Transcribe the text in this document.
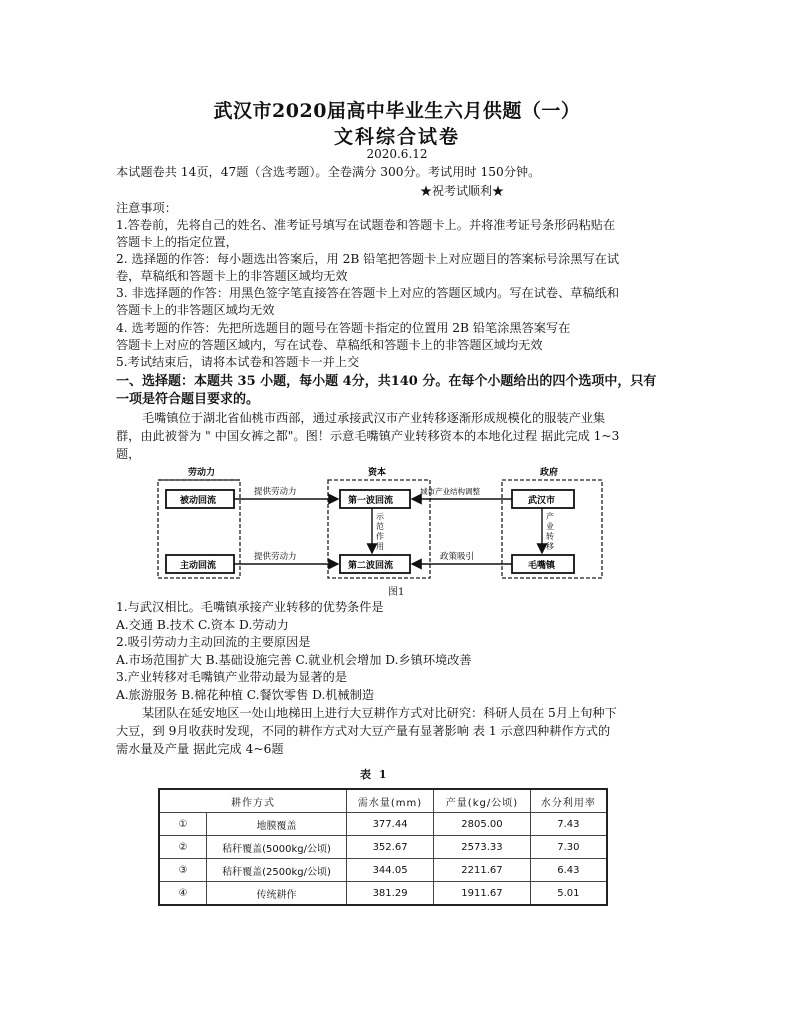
武汉市2020届高中毕业生六月供题（一）
文科综合试卷
2020.6.12
本试题卷共 14页，47题（含选考题）。全卷满分 300分。考试用时 150分钟。
★祝考试顺利★
注意事项：
1.答卷前，先将自己的姓名、准考证号填写在试题卷和答题卡上。并将准考证号条形码粘贴在
答题卡上的指定位置，
2. 选择题的作答：每小题选出答案后，用 2B 铅笔把答题卡上对应题目的答案标号涂黑写在试
卷，草稿纸和答题卡上的非答题区域均无效
3. 非选择题的作答：用黑色签字笔直接答在答题卡上对应的答题区域内。写在试卷、草稿纸和
答题卡上的非答题区域均无效
4. 选考题的作答：先把所选题目的题号在答题卡指定的位置用 2B 铅笔涂黑答案写在
答题卡上对应的答题区域内，写在试卷、草稿纸和答题卡上的非答题区域均无效
5.考试结束后，请将本试卷和答题卡一并上交
一、选择题：本题共 35 小题，每小题 4分，共140 分。在每个小题给出的四个选项中，只有
一项是符合题目要求的。
毛嘴镇位于湖北省仙桃市西部，通过承接武汉市产业转移逐渐形成规模化的服装产业集
群，由此被誉为 " 中国女裤之都"。图！示意毛嘴镇产业转移资本的本地化过程 据此完成 1~3
题，
劳动力	资本	政府
被动回流
主动回流
第一波回流
第二波回流
武汉市
毛嘴镇
提供劳动力
提供劳动力
城市产业结构调整
政策吸引
示
范
作
用
产
业
转
移
图1
1.与武汉相比。毛嘴镇承接产业转移的优势条件是
A.交通 B.技术 C.资本 D.劳动力
2.吸引劳动力主动回流的主要原因是
A.市场范围扩大 B.基础设施完善 C.就业机会增加 D.乡镇环境改善
3.产业转移对毛嘴镇产业带动最为显著的是
A.旅游服务 B.棉花种植 C.餐饮零售 D.机械制造
某团队在延安地区一处山地梯田上进行大豆耕作方式对比研究：科研人员在 5月上旬种下
大豆，到 9月收获时发现，不同的耕作方式对大豆产量有显著影响 表 1 示意四种耕作方式的
需水量及产量 据此完成 4~6题
表 1
耕作方式		需水量(mm)	产量(kg/公顷)	水分利用率
①	地膜覆盖	377.44	2805.00	7.43
②	秸秆覆盖(5000kg/公顷)	352.67	2573.33	7.30
③	秸秆覆盖(2500kg/公顷)	344.05	2211.67	6.43
④	传统耕作	381.29	1911.67	5.01
